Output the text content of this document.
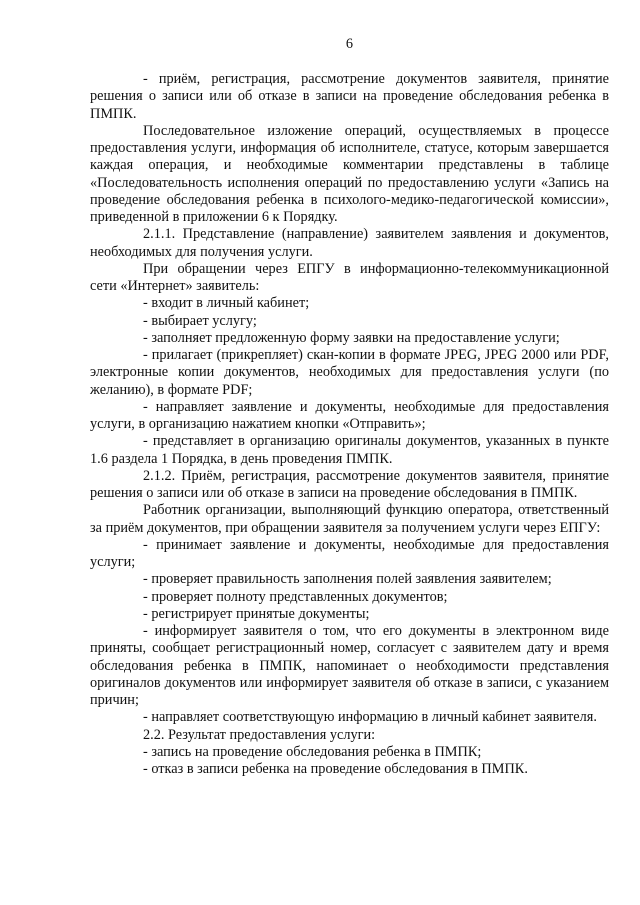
6

- приём, регистрация, рассмотрение документов заявителя, принятие решения о записи или об отказе в записи на проведение обследования ребенка в ПМПК.

Последовательное изложение операций, осуществляемых в процессе предоставления услуги, информация об исполнителе, статусе, которым завершается каждая операция, и необходимые комментарии представлены в таблице «Последовательность исполнения операций по предоставлению услуги «Запись на проведение обследования ребенка в психолого-медико-педагогической комиссии», приведенной в приложении 6 к Порядку.

2.1.1. Представление (направление) заявителем заявления и документов, необходимых для получения услуги.

При обращении через ЕПГУ в информационно-телекоммуникационной сети «Интернет» заявитель:

- входит в личный кабинет;

- выбирает услугу;

- заполняет предложенную форму заявки на предоставление услуги;

- прилагает (прикрепляет) скан-копии в формате JPEG, JPEG 2000 или PDF, электронные копии документов, необходимых для предоставления услуги (по желанию), в формате PDF;

- направляет заявление и документы, необходимые для предоставления услуги, в организацию нажатием кнопки «Отправить»;

- представляет в организацию оригиналы документов, указанных в пункте 1.6 раздела 1 Порядка, в день проведения ПМПК.

2.1.2. Приём, регистрация, рассмотрение документов заявителя, принятие решения о записи или об отказе в записи на проведение обследования в ПМПК.

Работник организации, выполняющий функцию оператора, ответственный за приём документов, при обращении заявителя за получением услуги через ЕПГУ:

- принимает заявление и документы, необходимые для предоставления услуги;

- проверяет правильность заполнения полей заявления заявителем;

- проверяет полноту представленных документов;

- регистрирует принятые документы;

- информирует заявителя о том, что его документы в электронном виде приняты, сообщает регистрационный номер, согласует с заявителем дату и время обследования ребенка в ПМПК, напоминает о необходимости представления оригиналов документов или информирует заявителя об отказе в записи, с указанием причин;

- направляет соответствующую информацию в личный кабинет заявителя.

2.2. Результат предоставления услуги:

- запись на проведение обследования ребенка в ПМПК;

- отказ в записи ребенка на проведение обследования в ПМПК.
